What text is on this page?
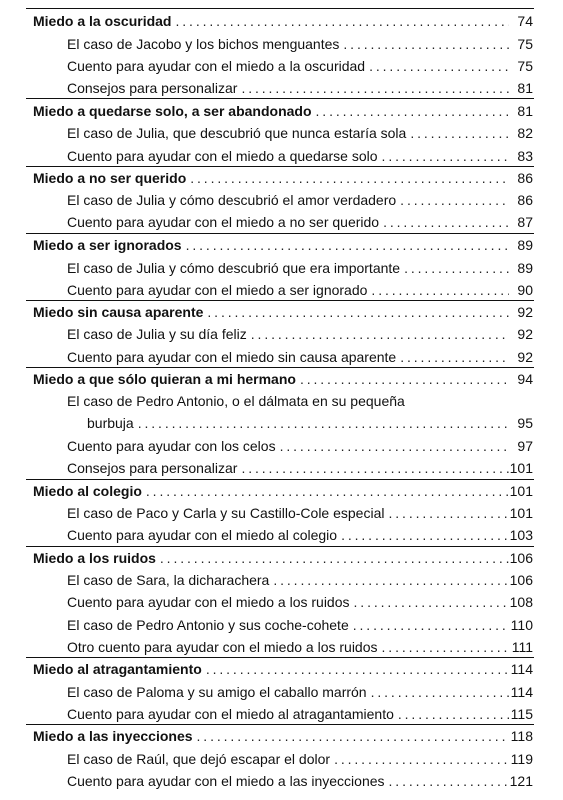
Miedo a la oscuridad . . .	74
El caso de Jacobo y los bichos menguantes . . .	75
Cuento para ayudar con el miedo a la oscuridad . . .	75
Consejos para personalizar . . .	81
Miedo a quedarse solo, a ser abandonado . . .	81
El caso de Julia, que descubrió que nunca estaría sola . . .	82
Cuento para ayudar con el miedo a quedarse solo . . .	83
Miedo a no ser querido . . .	86
El caso de Julia y cómo descubrió el amor verdadero . . .	86
Cuento para ayudar con el miedo a no ser querido . . .	87
Miedo a ser ignorados . . .	89
El caso de Julia y cómo descubrió que era importante . . .	89
Cuento para ayudar con el miedo a ser ignorado . . .	90
Miedo sin causa aparente . . .	92
El caso de Julia y su día feliz . . .	92
Cuento para ayudar con el miedo sin causa aparente . . .	92
Miedo a que sólo quieran a mi hermano . . .	94
El caso de Pedro Antonio, o el dálmata en su pequeña
burbuja . . .	95
Cuento para ayudar con los celos . . .	97
Consejos para personalizar . . .	101
Miedo al colegio . . .	101
El caso de Paco y Carla y su Castillo-Cole especial . . .	101
Cuento para ayudar con el miedo al colegio . . .	103
Miedo a los ruidos . . .	106
El caso de Sara, la dicharachera . . .	106
Cuento para ayudar con el miedo a los ruidos . . .	108
El caso de Pedro Antonio y sus coche-cohete . . .	110
Otro cuento para ayudar con el miedo a los ruidos . . .	111
Miedo al atragantamiento . . .	114
El caso de Paloma y su amigo el caballo marrón . . .	114
Cuento para ayudar con el miedo al atragantamiento . . .	115
Miedo a las inyecciones . . .	118
El caso de Raúl, que dejó escapar el dolor . . .	119
Cuento para ayudar con el miedo a las inyecciones . . .	121
